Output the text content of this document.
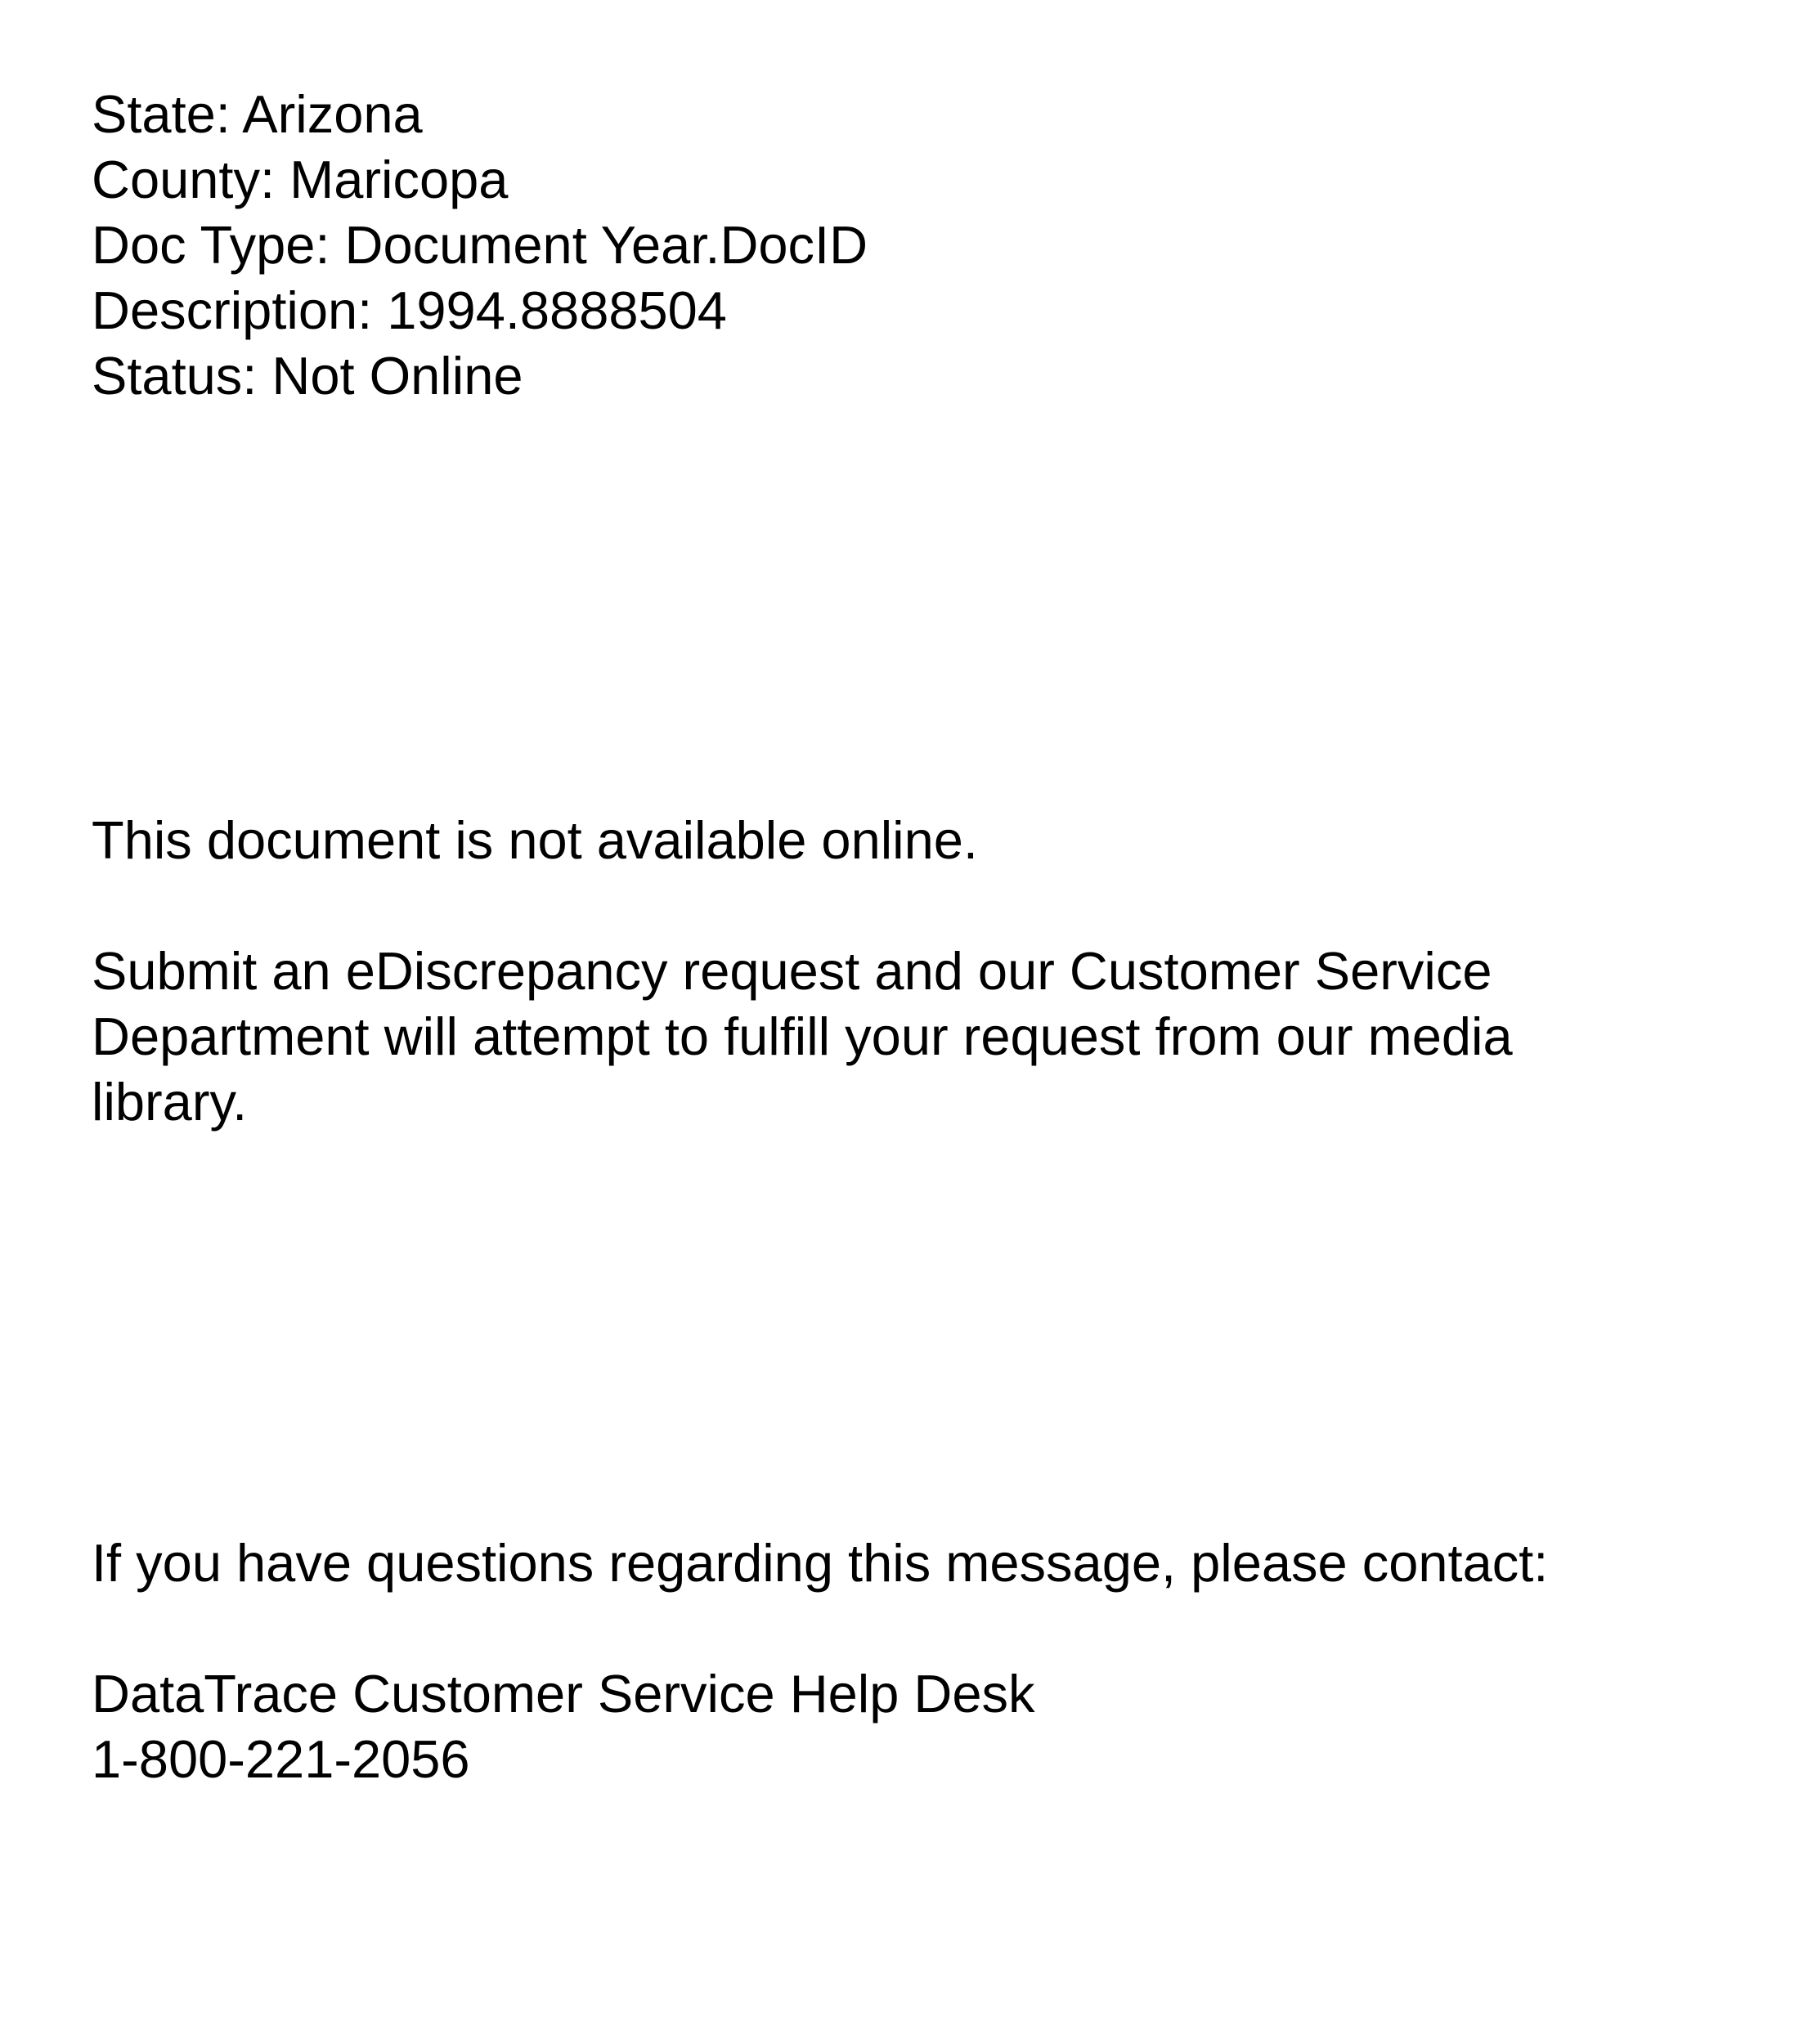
State: Arizona
County: Maricopa
Doc Type: Document Year.DocID
Description: 1994.8888504
Status: Not Online
This document is not available online.
Submit an eDiscrepancy request and our Customer Service
Department will attempt to fulfill your request from our media
library.
If you have questions regarding this message, please contact:
DataTrace Customer Service Help Desk
1-800-221-2056
